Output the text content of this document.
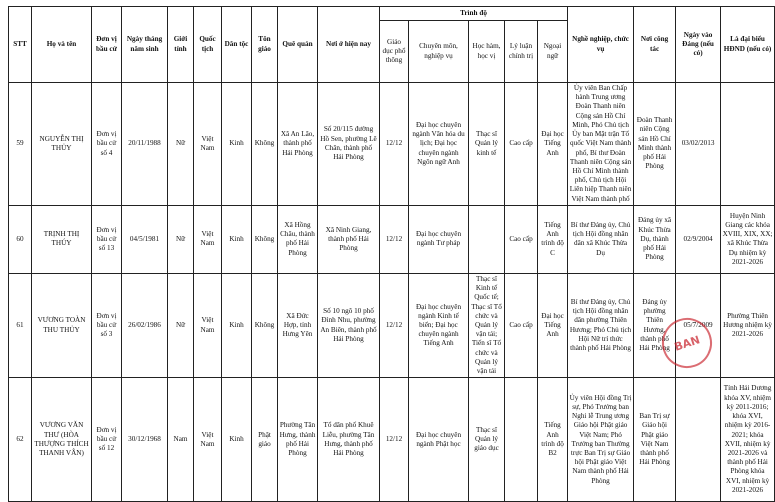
STT	Họ và tên	Đơn vị bầu cử	Ngày tháng năm sinh	Giới tính	Quốc tịch	Dân tộc	Tôn giáo	Quê quán	Nơi ở hiện nay	Trình độ					Nghề nghiệp, chức vụ	Nơi công tác	Ngày vào Đảng (nếu có)	Là đại biểu HĐND (nếu có)
										Giáo dục phổ thông	Chuyên môn, nghiệp vụ	Học hàm, học vị	Lý luận chính trị	Ngoại ngữ				
59	NGUYỄN THỊ THỦY	Đơn vị bầu cử số 4	20/11/1988	Nữ	Việt Nam	Kinh	Không	Xã An Lão, thành phố Hải Phòng	Số 20/115 đường Hồ Sen, phường Lê Chân, thành phố Hải Phòng	12/12	Đại học chuyên ngành Văn hóa du lịch; Đại học chuyên ngành Ngôn ngữ Anh	Thạc sĩ Quản lý kinh tế	Cao cấp	Đại học Tiếng Anh	Ủy viên Ban Chấp hành Trung ương Đoàn Thanh niên Cộng sản Hồ Chí Minh, Phó Chủ tịch Ủy ban Mặt trận Tổ quốc Việt Nam thành phố, Bí thư Đoàn Thanh niên Cộng sản Hồ Chí Minh thành phố, Chủ tịch Hội Liên hiệp Thanh niên Việt Nam thành phố	Đoàn Thanh niên Cộng sản Hồ Chí Minh thành phố Hải Phòng	03/02/2013	
60	TRỊNH THỊ THÚY	Đơn vị bầu cử số 13	04/5/1981	Nữ	Việt Nam	Kinh	Không	Xã Hồng Châu, thành phố Hải Phòng	Xã Ninh Giang, thành phố Hải Phòng	12/12	Đại học chuyên ngành Tư pháp		Cao cấp	Tiếng Anh trình độ C	Bí thư Đảng ủy, Chủ tịch Hội đồng nhân dân xã Khúc Thừa Dụ	Đảng ủy xã Khúc Thừa Dụ, thành phố Hải Phòng	02/9/2004	Huyện Ninh Giang các khóa XVIII, XIX, XX; xã Khúc Thừa Dụ nhiệm kỳ 2021-2026
61	VƯƠNG TOÀN THU THỦY	Đơn vị bầu cử số 3	26/02/1986	Nữ	Việt Nam	Kinh	Không	Xã Đức Hợp, tỉnh Hưng Yên	Số 10 ngõ 10 phố Đình Nhu, phường An Biên, thành phố Hải Phòng	12/12	Đại học chuyên ngành Kinh tế biển; Đại học chuyên ngành Tiếng Anh	Thạc sĩ Kinh tế Quốc tế; Thạc sĩ Tổ chức và Quản lý vận tải; Tiến sĩ Tổ chức và Quản lý vận tải	Cao cấp	Đại học Tiếng Anh	Bí thư Đảng ủy, Chủ tịch Hội đồng nhân dân phường Thiên Hương; Phó Chủ tịch Hội Nữ trí thức thành phố Hải Phòng	Đảng ủy phường Thiên Hương, thành phố Hải Phòng	05/7/2009	Phường Thiên Hương nhiệm kỳ 2021-2026
62	VƯƠNG VĂN THƯ (HÒA THƯỢNG THÍCH THANH VÂN)	Đơn vị bầu cử số 12	30/12/1968	Nam	Việt Nam	Kinh	Phật giáo	Phường Tân Hưng, thành phố Hải Phòng	Tổ dân phố Khuê Liễu, phường Tân Hưng, thành phố Hải Phòng	12/12	Đại học chuyên ngành Phật học	Thạc sĩ Quản lý giáo dục		Tiếng Anh trình độ B2	Ủy viên Hội đồng Trị sự, Phó Trưởng ban Nghi lễ Trung ương Giáo hội Phật giáo Việt Nam; Phó Trưởng ban Thường trực Ban Trị sự Giáo hội Phật giáo Việt Nam thành phố Hải Phòng	Ban Trị sự Giáo hội Phật giáo Việt Nam thành phố Hải Phòng		Tỉnh Hải Dương khóa XV, nhiệm kỳ 2011-2016; khóa XVI, nhiệm kỳ 2016-2021; khóa XVII, nhiệm kỳ 2021-2026 và thành phố Hải Phòng khóa XVI, nhiệm kỳ 2021-2026
BAN
